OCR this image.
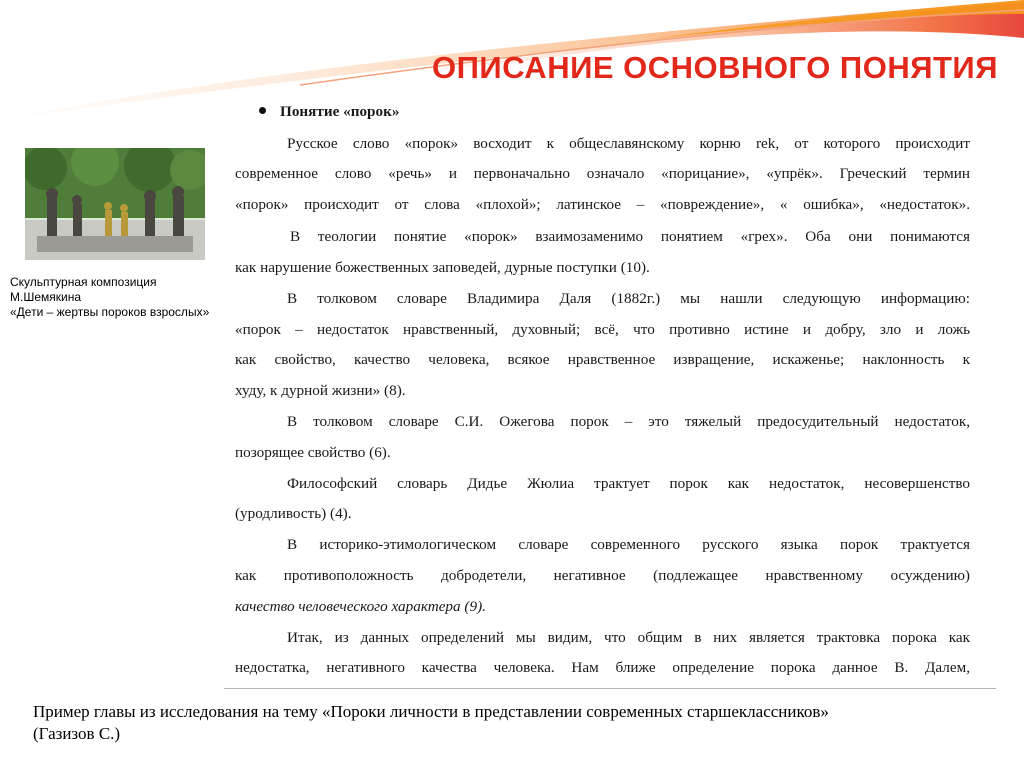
ОПИСАНИЕ ОСНОВНОГО ПОНЯТИЯ
Скульптурная композиция
М.Шемякина
«Дети – жертвы пороков взрослых»
Понятие «порок»
Русское слово «порок» восходит к общеславянскому корню rek, от которого происходит
современное слово «речь» и первоначально означало «порицание», «упрёк». Греческий термин
«порок» происходит от слова «плохой»; латинское – «повреждение», « ошибка», «недостаток».
В теологии понятие «порок» взаимозаменимо понятием «грех». Оба они понимаются
как нарушение божественных заповедей, дурные поступки (10).
В толковом словаре Владимира Даля (1882г.) мы нашли следующую информацию:
«порок – недостаток нравственный, духовный; всё, что противно истине и добру, зло и ложь
как свойство, качество человека, всякое нравственное извращение, искаженье; наклонность к
худу, к дурной жизни» (8).
В толковом словаре С.И. Ожегова порок – это тяжелый предосудительный недостаток,
позорящее свойство (6).
Философский словарь Дидье Жюлиа трактует порок как недостаток, несовершенство
(уродливость) (4).
В историко-этимологическом словаре современного русского языка порок трактуется
как противоположность добродетели, негативное (подлежащее нравственному осуждению)
качество человеческого характера (9).
Итак, из данных определений мы видим, что общим в них является трактовка порока как
недостатка, негативного качества человека. Нам ближе определение порока данное В. Далем,
Пример главы из исследования на тему «Пороки личности в представлении современных старшеклассников»
(Газизов С.)
